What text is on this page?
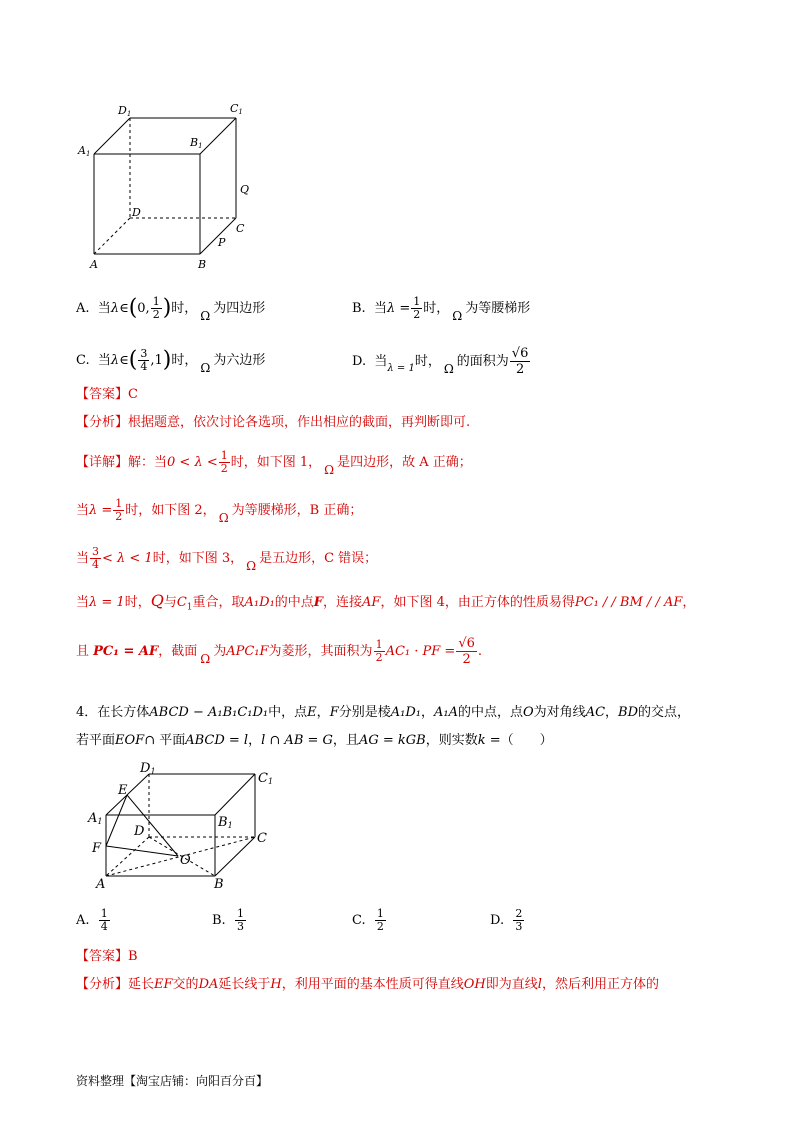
D1	C1
A1
B1
Q
D
C
P
A	B
A. 当λ∈(0, $\frac{1}{2}$ )时， Ω 为四边形	B. 当$\lambda = \frac{1}{2}$ 时， Ω 为等腰梯形
C. 当λ∈( $\frac{3}{4} ,1$)时， Ω 为六边形	D. 当$_{\lambda = 1}$时， Ω 的面积为 $\frac{√6}{2}$
【答案】C
【分析】根据题意，依次讨论各选项，作出相应的截面，再判断即可.
【详解】解：当$0 < \lambda < \frac{1}{2}$ 时，如下图 1， Ω 是四边形，故 A 正确；
当$\lambda = \frac{1}{2}$ 时，如下图 2， Ω 为等腰梯形，B 正确；
当 $\frac{3}{4} < \lambda < 1$时，如下图 3， Ω 是五边形，C 错误；
当λ = 1时，Q与$C_1$重合，取A₁D₁的中点F，连接AF，如下图 4，由正方体的性质易得PC₁ / / BM / / AF，
且 PC₁ = AF，截面 Ω 为APC₁F为菱形，其面积为 $\frac{1}{2} AC_1$ · PF = $\frac{√6}{2}$ .
4．在长方体ABCD − A₁B₁C₁D₁中，点E，F分别是棱A₁D₁，A₁A的中点，点O为对角线AC，BD的交点，
若平面EOF∩ 平面ABCD = l，l ∩ AB = G，且AG = kGB，则实数k =（　　）
D1	C1
E
A1	B1
D	C
F
O
A	B
A. $\frac{1}{4}$	B. $\frac{1}{3}$	C. $\frac{1}{2}$	D. $\frac{2}{3}$
【答案】B
【分析】延长EF交的DA延长线于H，利用平面的基本性质可得直线OH即为直线l，然后利用正方体的
资料整理【淘宝店铺：向阳百分百】
